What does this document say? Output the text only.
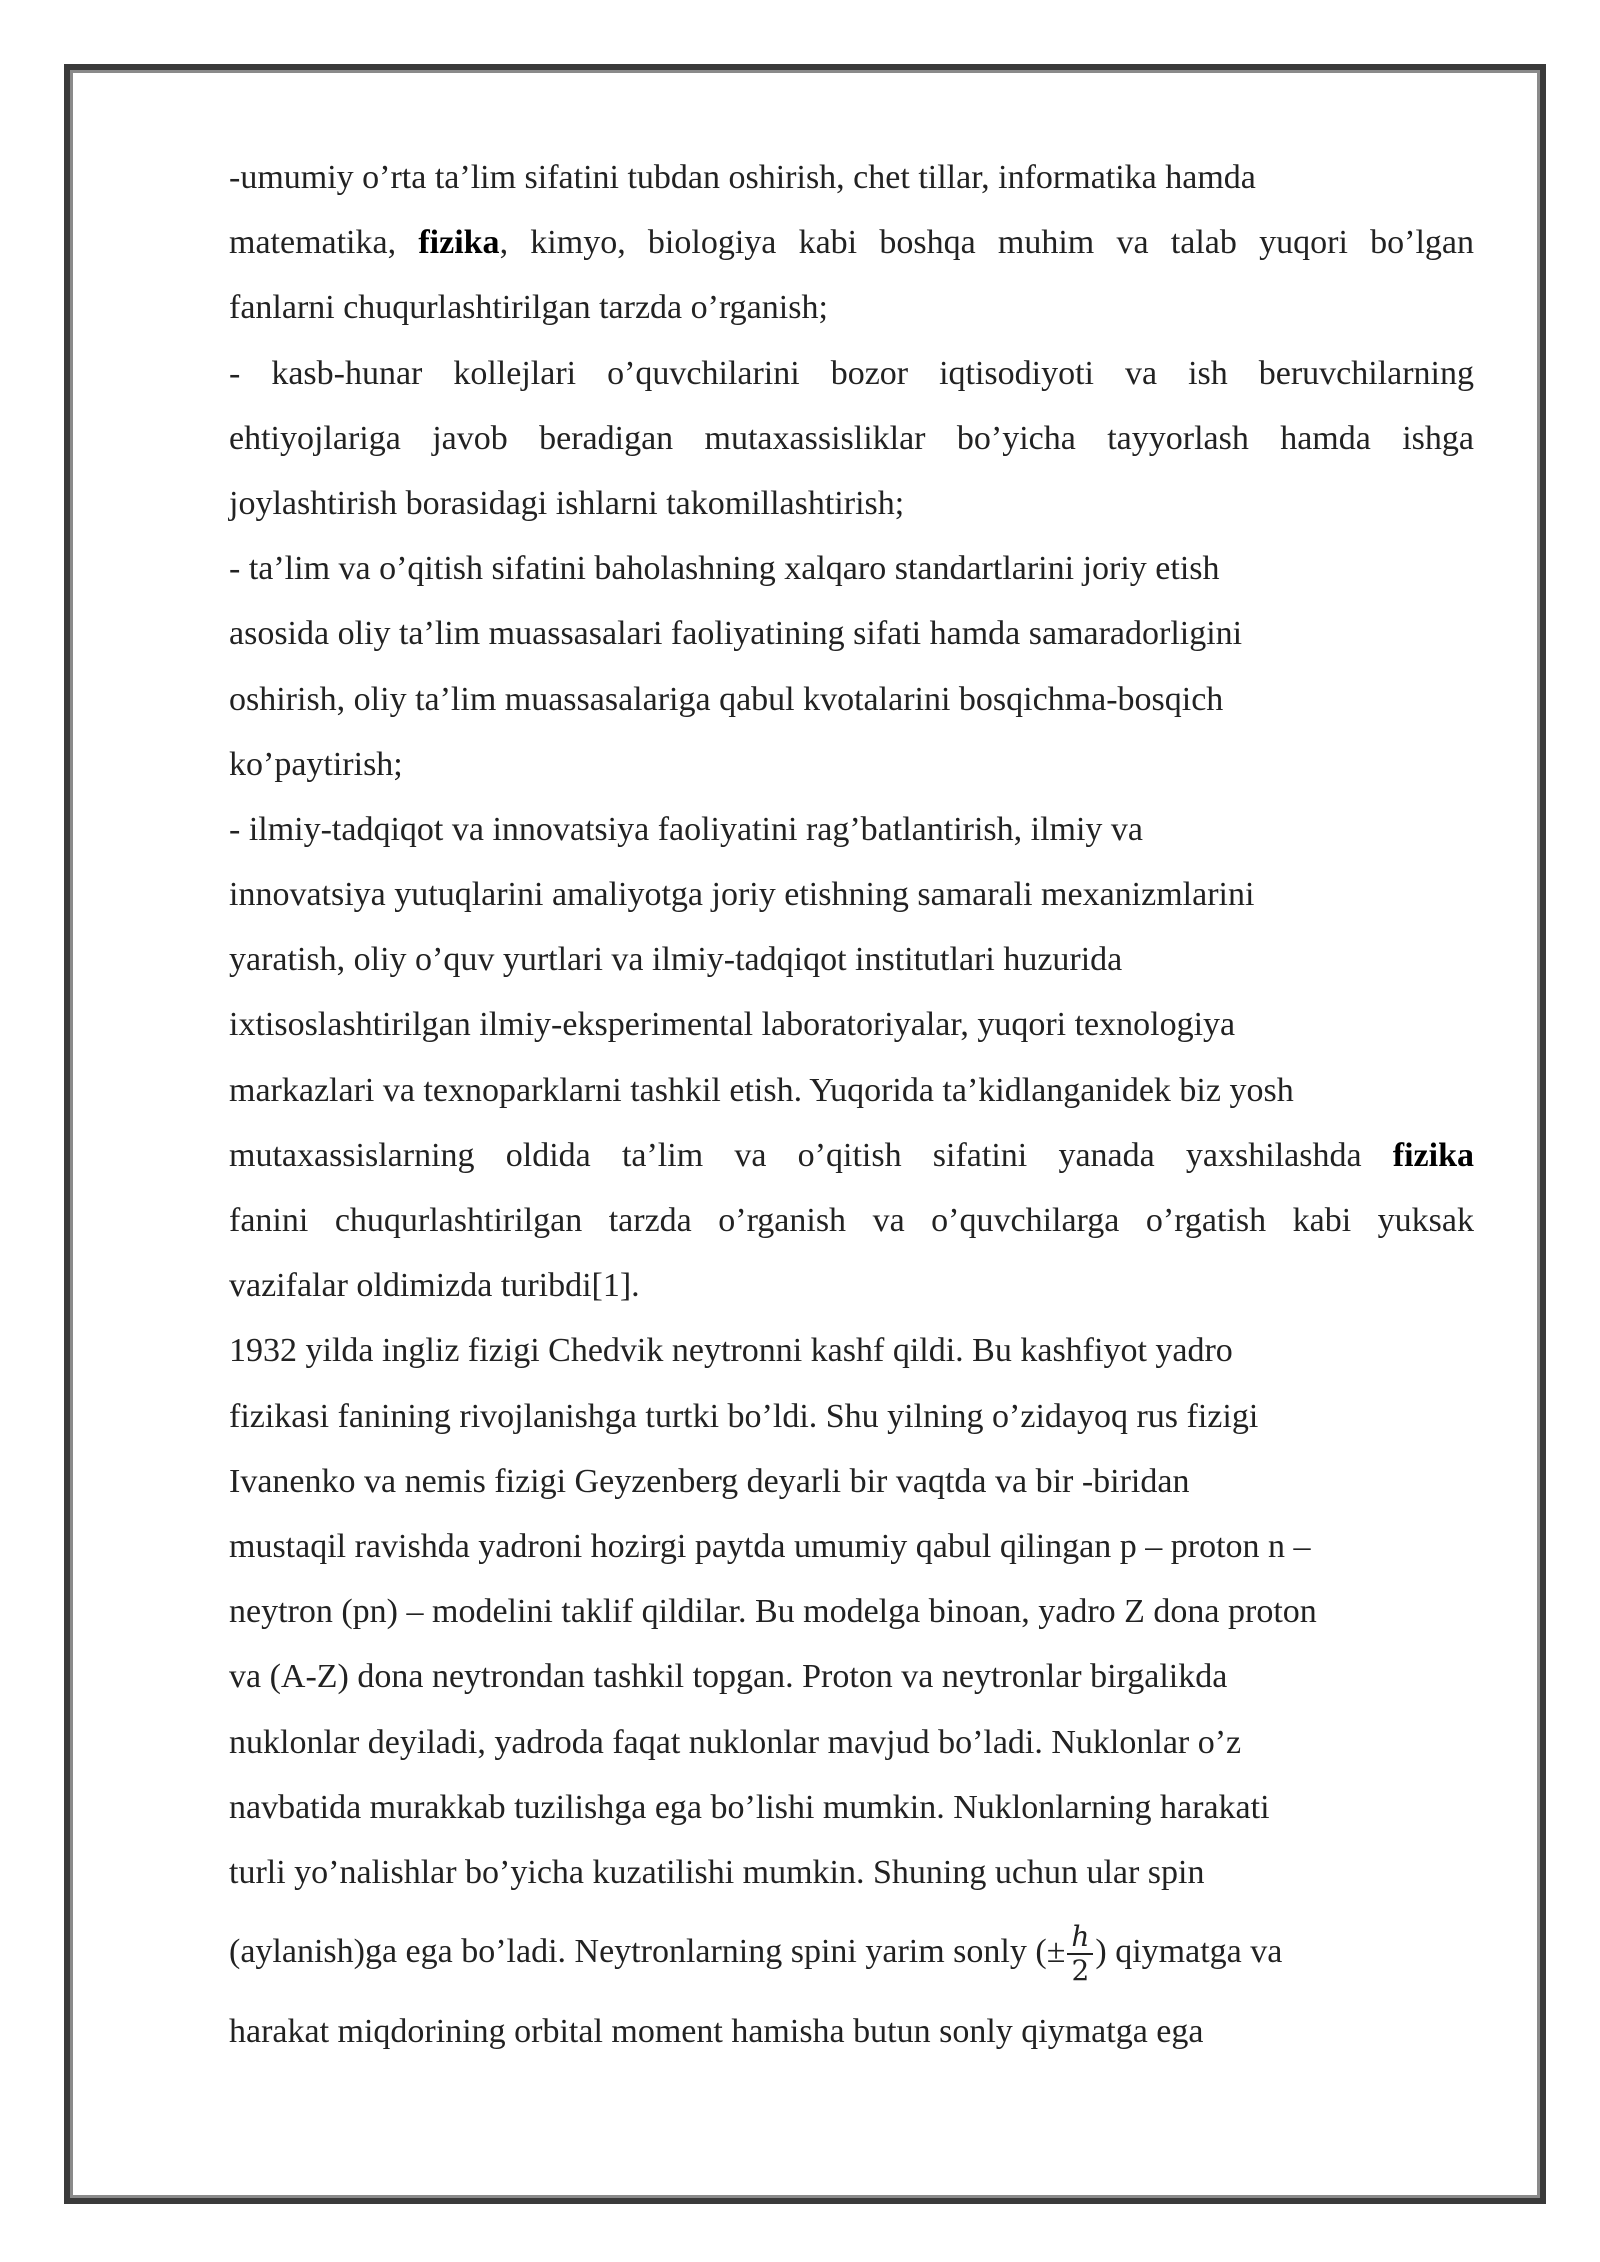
-umumiy o’rta ta’lim sifatini tubdan oshirish, chet tillar, informatika hamda
matematika, fizika, kimyo, biologiya kabi boshqa muhim va talab yuqori bo’lgan
fanlarni chuqurlashtirilgan tarzda o’rganish;
- kasb-hunar kollejlari o’quvchilarini bozor iqtisodiyoti va ish beruvchilarning
ehtiyojlariga javob beradigan mutaxassisliklar bo’yicha tayyorlash hamda ishga
joylashtirish borasidagi ishlarni takomillashtirish;
- ta’lim va o’qitish sifatini baholashning xalqaro standartlarini joriy etish
asosida oliy ta’lim muassasalari faoliyatining sifati hamda samaradorligini
oshirish, oliy ta’lim muassasalariga qabul kvotalarini bosqichma-bosqich
ko’paytirish;
- ilmiy-tadqiqot va innovatsiya faoliyatini rag’batlantirish, ilmiy va
innovatsiya yutuqlarini amaliyotga joriy etishning samarali mexanizmlarini
yaratish, oliy o’quv yurtlari va ilmiy-tadqiqot institutlari huzurida
ixtisoslashtirilgan ilmiy-eksperimental laboratoriyalar, yuqori texnologiya
markazlari va texnoparklarni tashkil etish. Yuqorida ta’kidlanganidek biz yosh
mutaxassislarning oldida ta’lim va o’qitish sifatini yanada yaxshilashda fizika
fanini chuqurlashtirilgan tarzda o’rganish va o’quvchilarga o’rgatish kabi yuksak
vazifalar oldimizda turibdi[1].
1932 yilda ingliz fizigi Chedvik neytronni kashf qildi. Bu kashfiyot yadro
fizikasi fanining rivojlanishga turtki bo’ldi. Shu yilning o’zidayoq rus fizigi
Ivanenko va nemis fizigi Geyzenberg deyarli bir vaqtda va bir -biridan
mustaqil ravishda yadroni hozirgi paytda umumiy qabul qilingan p – proton n –
neytron (pn) – modelini taklif qildilar. Bu modelga binoan, yadro Z dona proton
va (A-Z) dona neytrondan tashkil topgan. Proton va neytronlar birgalikda
nuklonlar deyiladi, yadroda faqat nuklonlar mavjud bo’ladi. Nuklonlar o’z
navbatida murakkab tuzilishga ega bo’lishi mumkin. Nuklonlarning harakati
turli yo’nalishlar bo’yicha kuzatilishi mumkin. Shuning uchun ular spin
(aylanish)ga ega bo’ladi. Neytronlarning spini yarim sonly (± $\frac{h}{2}$ ) qiymatga va
harakat miqdorining orbital moment hamisha butun sonly qiymatga ega
